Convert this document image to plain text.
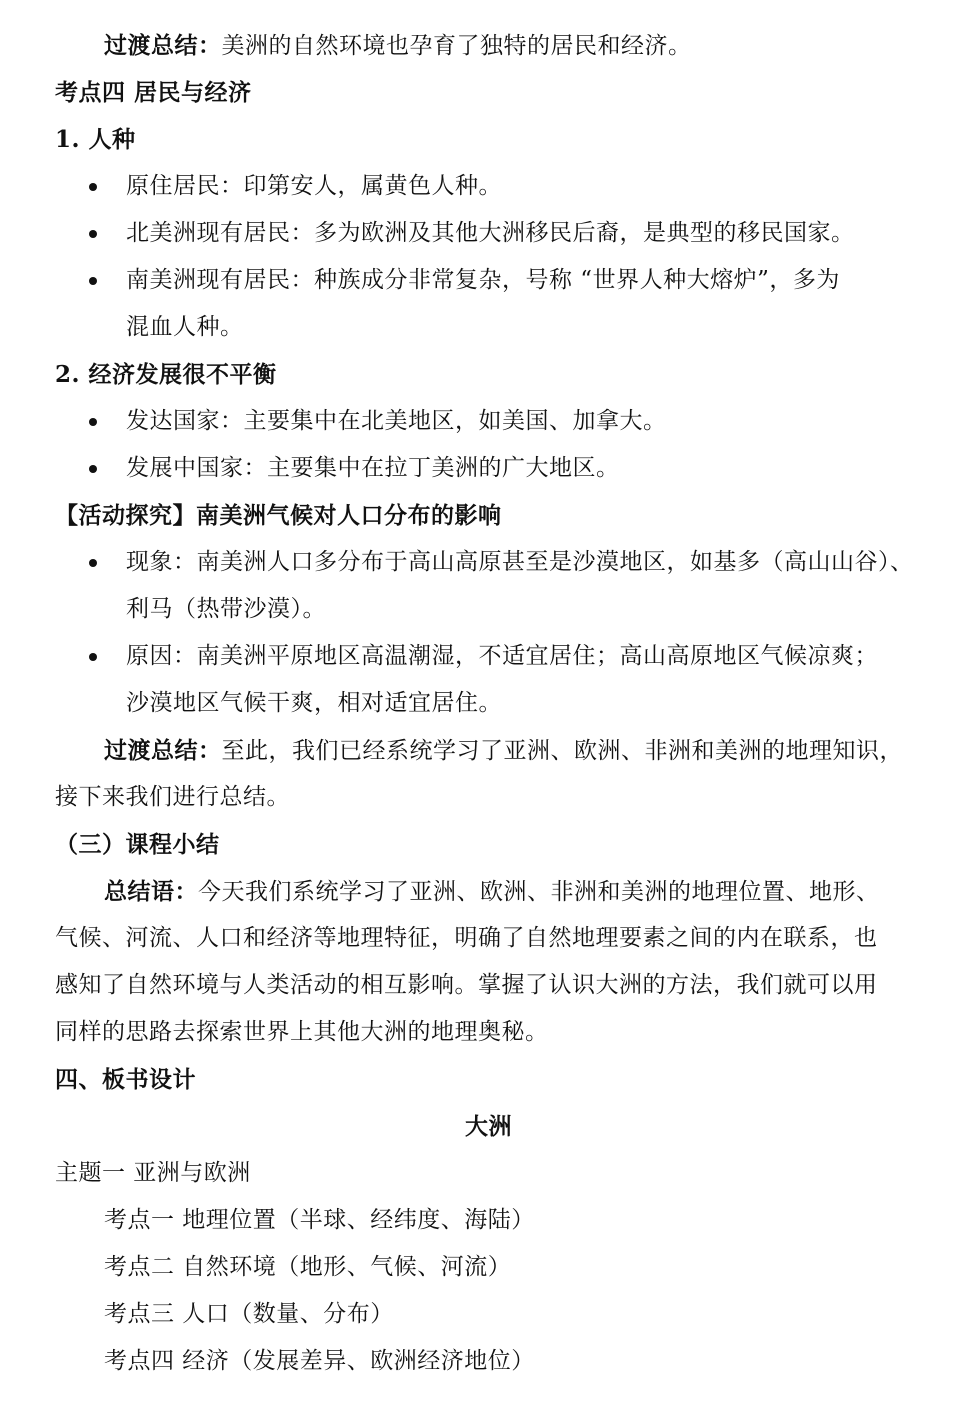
过渡总结：美洲的自然环境也孕育了独特的居民和经济。
考点四 居民与经济
1. 人种
原住居民：印第安人，属黄色人种。
北美洲现有居民：多为欧洲及其他大洲移民后裔，是典型的移民国家。
南美洲现有居民：种族成分非常复杂，号称 “世界人种大熔炉”，多为
混血人种。
2. 经济发展很不平衡
发达国家：主要集中在北美地区，如美国、加拿大。
发展中国家：主要集中在拉丁美洲的广大地区。
【活动探究】南美洲气候对人口分布的影响
现象：南美洲人口多分布于高山高原甚至是沙漠地区，如基多（高山山谷）、
利马（热带沙漠）。
原因：南美洲平原地区高温潮湿，不适宜居住；高山高原地区气候凉爽；
沙漠地区气候干爽，相对适宜居住。
过渡总结：至此，我们已经系统学习了亚洲、欧洲、非洲和美洲的地理知识，
接下来我们进行总结。
（三）课程小结
总结语：今天我们系统学习了亚洲、欧洲、非洲和美洲的地理位置、地形、
气候、河流、人口和经济等地理特征，明确了自然地理要素之间的内在联系，也
感知了自然环境与人类活动的相互影响。掌握了认识大洲的方法，我们就可以用
同样的思路去探索世界上其他大洲的地理奥秘。
四、板书设计
大洲
主题一 亚洲与欧洲
考点一 地理位置（半球、经纬度、海陆）
考点二 自然环境（地形、气候、河流）
考点三 人口（数量、分布）
考点四 经济（发展差异、欧洲经济地位）
